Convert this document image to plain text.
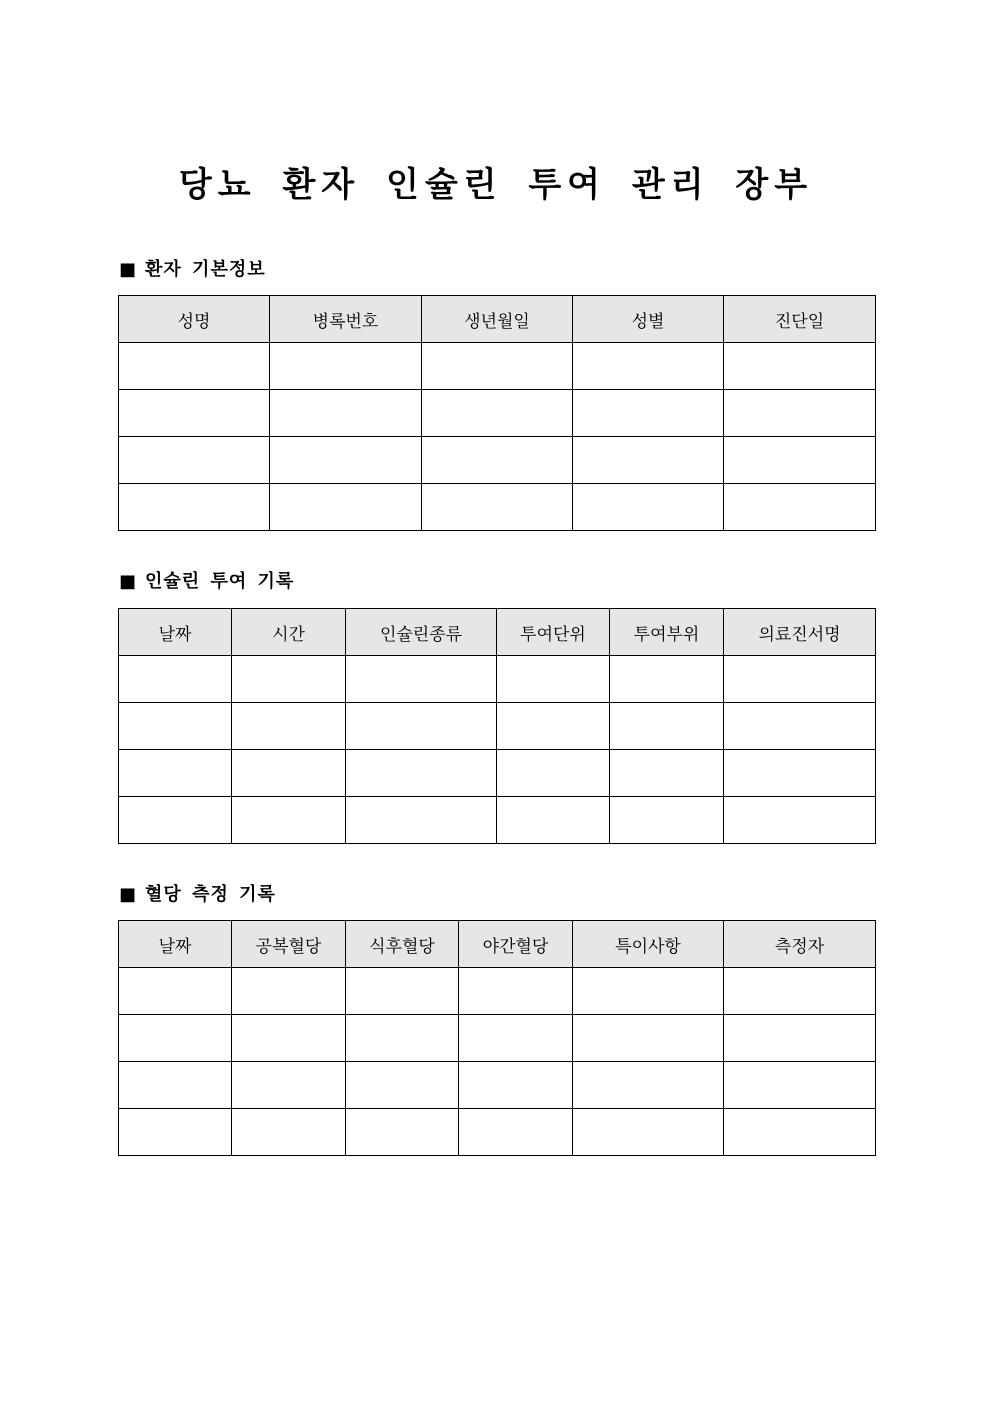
당뇨 환자 인슐린 투여 관리 장부
■ 환자 기본정보
성명	병록번호	생년월일	성별	진단일

■ 인슐린 투여 기록
날짜	시간	인슐린종류	투여단위	투여부위	의료진서명

■ 혈당 측정 기록
날짜	공복혈당	식후혈당	야간혈당	특이사항	측정자
